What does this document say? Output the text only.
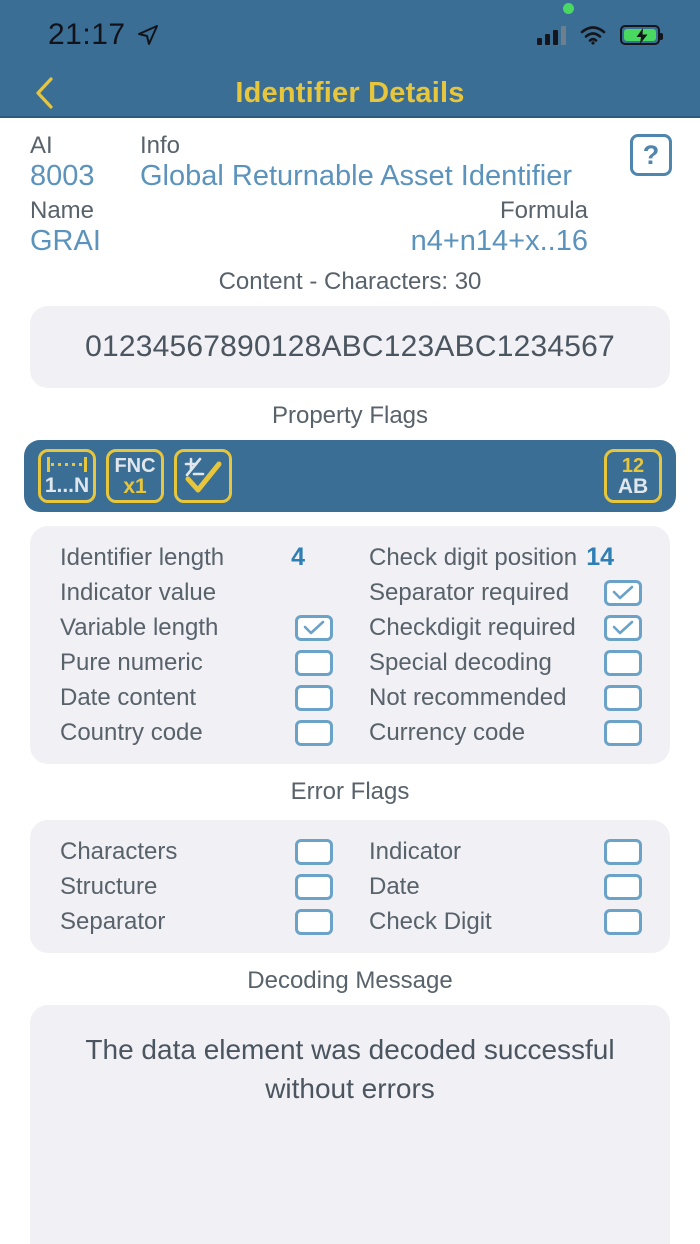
21:17
Identifier Details
?
AI
8003
Info
Global Returnable Asset Identifier
Name
GRAI
Formula
n4+n14+x..16
Content - Characters: 30
01234567890128ABC123ABC1234567
Property Flags
1...N
FNC
x1
12
AB
Identifier length	4
Indicator value
Variable length
Pure numeric
Date content
Country code
Check digit position 14
Separator required
Checkdigit required
Special decoding
Not recommended
Currency code
Error Flags
Characters
Structure
Separator
Indicator
Date
Check Digit
Decoding Message
The data element was decoded successful without errors
